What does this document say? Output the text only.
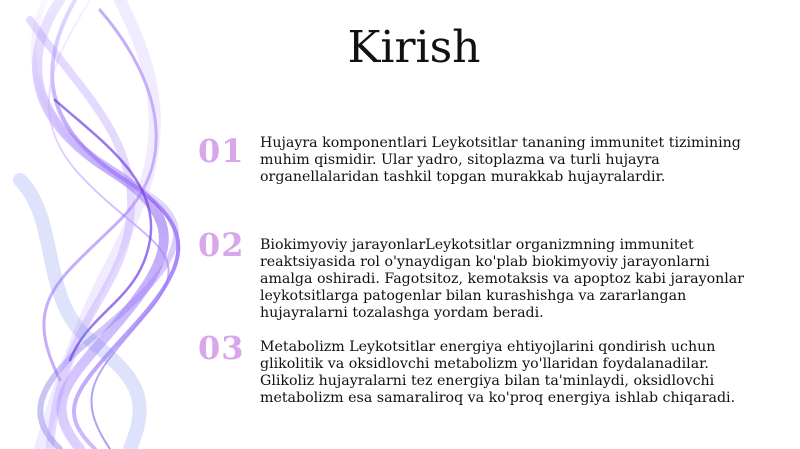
Kirish
01 Hujayra komponentlari Leykotsitlar tananing immunitet tizimining muhim qismidir. Ular yadro, sitoplazma va turli hujayra organellalaridan tashkil topgan murakkab hujayralardir.
02 Biokimyoviy jarayonlarLeykotsitlar organizmning immunitet reaktsiyasida rol o'ynaydigan ko'plab biokimyoviy jarayonlarni amalga oshiradi. Fagotsitoz, kemotaksis va apoptoz kabi jarayonlar leykotsitlarga patogenlar bilan kurashishga va zararlangan hujayralarni tozalashga yordam beradi.
03 Metabolizm Leykotsitlar energiya ehtiyojlarini qondirish uchun glikolitik va oksidlovchi metabolizm yo'llaridan foydalanadilar. Glikoliz hujayralarni tez energiya bilan ta'minlaydi, oksidlovchi metabolizm esa samaraliroq va ko'proq energiya ishlab chiqaradi.
